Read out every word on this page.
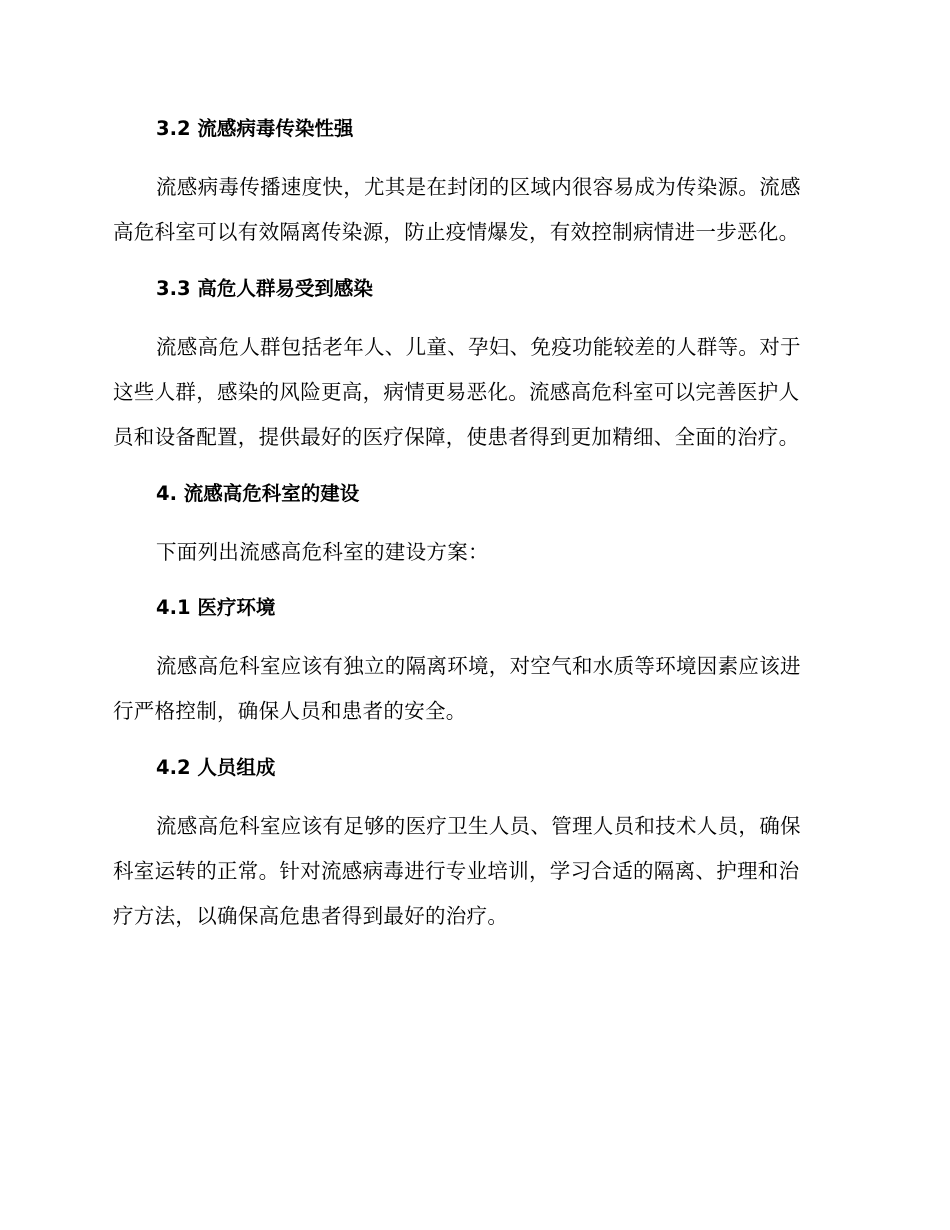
3.2 流感病毒传染性强
流感病毒传播速度快，尤其是在封闭的区域内很容易成为传染源。流感
高危科室可以有效隔离传染源，防止疫情爆发，有效控制病情进一步恶化。
3.3 高危人群易受到感染
流感高危人群包括老年人、儿童、孕妇、免疫功能较差的人群等。对于
这些人群，感染的风险更高，病情更易恶化。流感高危科室可以完善医护人
员和设备配置，提供最好的医疗保障，使患者得到更加精细、全面的治疗。
4. 流感高危科室的建设
下面列出流感高危科室的建设方案：
4.1 医疗环境
流感高危科室应该有独立的隔离环境，对空气和水质等环境因素应该进
行严格控制，确保人员和患者的安全。
4.2 人员组成
流感高危科室应该有足够的医疗卫生人员、管理人员和技术人员，确保
科室运转的正常。针对流感病毒进行专业培训，学习合适的隔离、护理和治
疗方法，以确保高危患者得到最好的治疗。
